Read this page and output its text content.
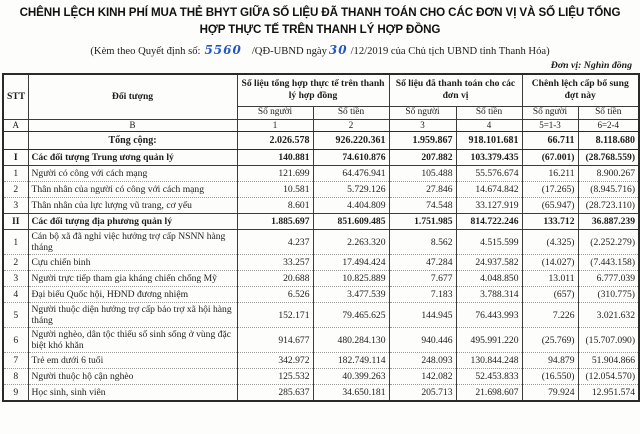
CHÊNH LỆCH KINH PHÍ MUA THẺ BHYT GIỮA SỐ LIỆU ĐÃ THANH TOÁN CHO CÁC ĐƠN VỊ VÀ SỐ LIỆU TỔNG
HỢP THỰC TẾ TRÊN THANH LÝ HỢP ĐỒNG
(Kèm theo Quyết định số: 5560 /QĐ-UBND ngày 30 /12/2019 của Chủ tịch UBND tỉnh Thanh Hóa)
Đơn vị: Nghìn đồng
STT	Đối tượng	Số liệu tổng hợp thực tế trên thanh lý hợp đồng		Số liệu đã thanh toán cho các đơn vị		Chênh lệch cấp bổ sung đợt này	
		Số người	Số tiền	Số người	Số tiền	Số người	Số tiền
A	B	1	2	3	4	5=1-3	6=2-4
	Tổng cộng:	2.026.578	926.220.361	1.959.867	918.101.681	66.711	8.118.680
I	Các đối tượng Trung ương quản lý	140.881	74.610.876	207.882	103.379.435	(67.001)	(28.768.559)
1	Người có công với cách mạng	121.699	64.476.941	105.488	55.576.674	16.211	8.900.267
2	Thân nhân của người có công với cách mạng	10.581	5.729.126	27.846	14.674.842	(17.265)	(8.945.716)
3	Thân nhân của lực lượng vũ trang, cơ yếu	8.601	4.404.809	74.548	33.127.919	(65.947)	(28.723.110)
II	Các đối tượng địa phương quản lý	1.885.697	851.609.485	1.751.985	814.722.246	133.712	36.887.239
1	Cán bộ xã đã nghỉ việc hưởng trợ cấp NSNN hàng tháng	4.237	2.263.320	8.562	4.515.599	(4.325)	(2.252.279)
2	Cựu chiến binh	33.257	17.494.424	47.284	24.937.582	(14.027)	(7.443.158)
3	Người trực tiếp tham gia kháng chiến chống Mỹ	20.688	10.825.889	7.677	4.048.850	13.011	6.777.039
4	Đại biểu Quốc hội, HĐND đương nhiệm	6.526	3.477.539	7.183	3.788.314	(657)	(310.775)
5	Người thuộc diện hưởng trợ cấp bảo trợ xã hội hàng tháng	152.171	79.465.625	144.945	76.443.993	7.226	3.021.632
6	Người nghèo, dân tộc thiểu số sinh sống ở vùng đặc biệt khó khăn	914.677	480.284.130	940.446	495.991.220	(25.769)	(15.707.090)
7	Trẻ em dưới 6 tuổi	342.972	182.749.114	248.093	130.844.248	94.879	51.904.866
8	Người thuộc hộ cận nghèo	125.532	40.399.263	142.082	52.453.833	(16.550)	(12.054.570)
9	Học sinh, sinh viên	285.637	34.650.181	205.713	21.698.607	79.924	12.951.574
